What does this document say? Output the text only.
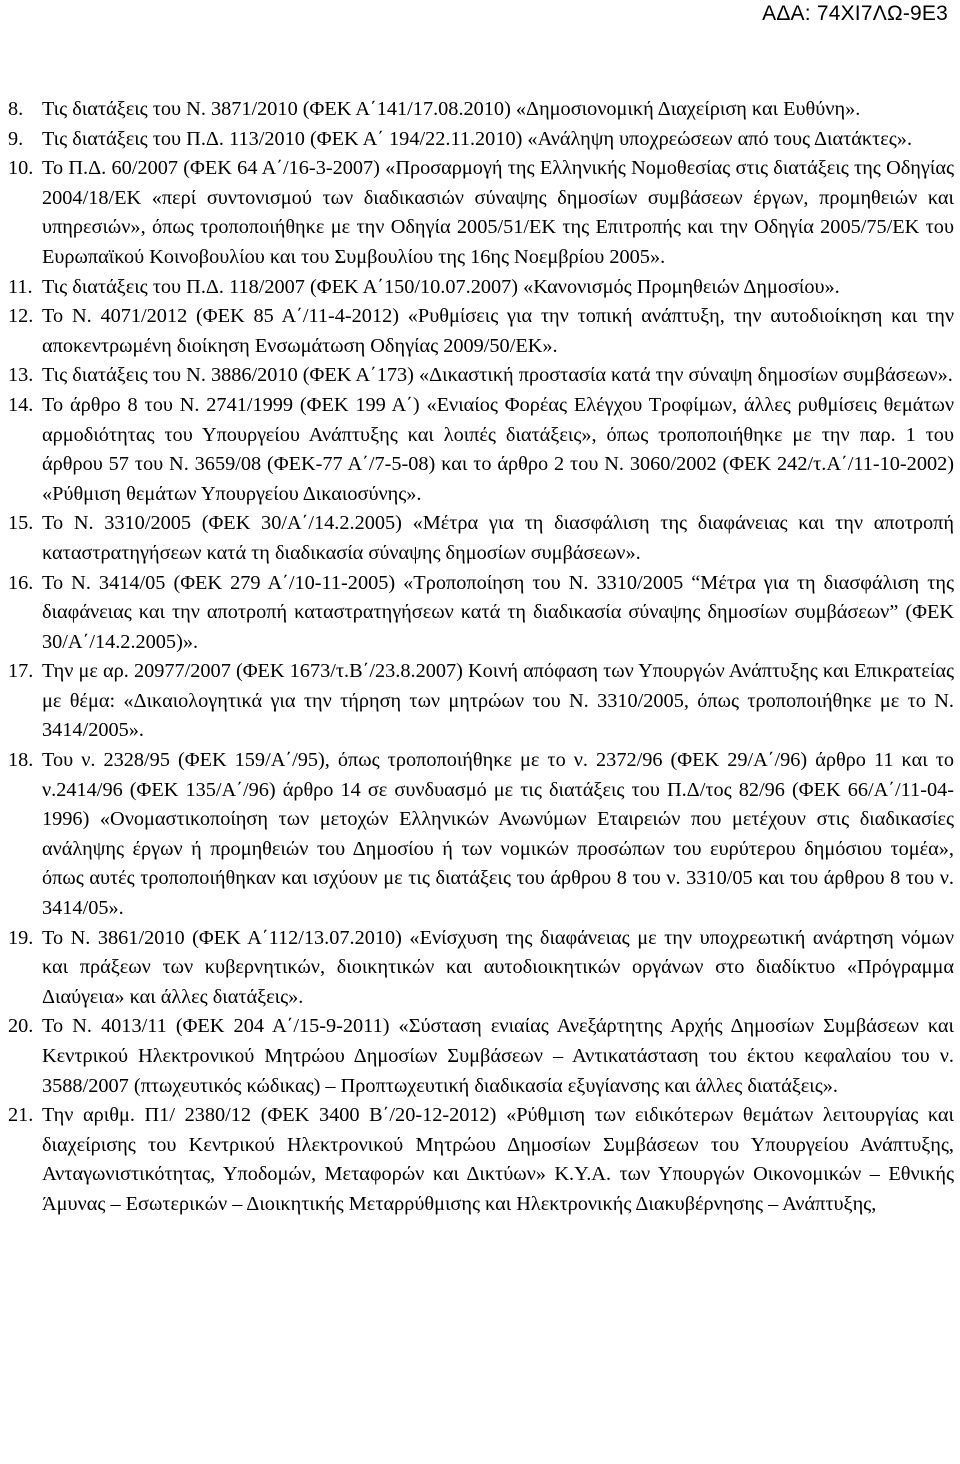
ΑΔΑ: 74ΧΙ7ΛΩ-9Ε3
8. Τις διατάξεις του Ν. 3871/2010 (ΦΕΚ Α΄141/17.08.2010) «Δημοσιονομική Διαχείριση και Ευθύνη».
9. Τις διατάξεις του Π.Δ. 113/2010 (ΦΕΚ Α΄ 194/22.11.2010) «Ανάληψη υποχρεώσεων από τους Διατάκτες».
10. Το Π.Δ. 60/2007 (ΦΕΚ 64 Α΄/16-3-2007) «Προσαρμογή της Ελληνικής Νομοθεσίας στις διατάξεις της Οδηγίας 2004/18/ΕΚ «περί συντονισμού των διαδικασιών σύναψης δημοσίων συμβάσεων έργων, προμηθειών και υπηρεσιών», όπως τροποποιήθηκε με την Οδηγία 2005/51/ΕΚ της Επιτροπής και την Οδηγία 2005/75/ΕΚ του Ευρωπαϊκού Κοινοβουλίου και του Συμβουλίου της 16ης Νοεμβρίου 2005».
11. Τις διατάξεις του Π.Δ. 118/2007 (ΦΕΚ Α΄150/10.07.2007) «Κανονισμός Προμηθειών Δημοσίου».
12. Το Ν. 4071/2012 (ΦΕΚ 85 Α΄/11-4-2012) «Ρυθμίσεις για την τοπική ανάπτυξη, την αυτοδιοίκηση και την αποκεντρωμένη διοίκηση Ενσωμάτωση Οδηγίας 2009/50/ΕΚ».
13. Τις διατάξεις του Ν. 3886/2010 (ΦΕΚ Α΄173) «Δικαστική προστασία κατά την σύναψη δημοσίων συμβάσεων».
14. Το άρθρο 8 του Ν. 2741/1999 (ΦΕΚ 199 Α΄) «Ενιαίος Φορέας Ελέγχου Τροφίμων, άλλες ρυθμίσεις θεμάτων αρμοδιότητας του Υπουργείου Ανάπτυξης και λοιπές διατάξεις», όπως τροποποιήθηκε με την παρ. 1 του άρθρου 57 του Ν. 3659/08 (ΦΕΚ-77 Α΄/7-5-08) και το άρθρο 2 του Ν. 3060/2002 (ΦΕΚ 242/τ.Α΄/11-10-2002) «Ρύθμιση θεμάτων Υπουργείου Δικαιοσύνης».
15. Το Ν. 3310/2005 (ΦΕΚ 30/Α΄/14.2.2005) «Μέτρα για τη διασφάλιση της διαφάνειας και την αποτροπή καταστρατηγήσεων κατά τη διαδικασία σύναψης δημοσίων συμβάσεων».
16. Το Ν. 3414/05 (ΦΕΚ 279 Α΄/10-11-2005) «Τροποποίηση του Ν. 3310/2005 “Μέτρα για τη διασφάλιση της διαφάνειας και την αποτροπή καταστρατηγήσεων κατά τη διαδικασία σύναψης δημοσίων συμβάσεων” (ΦΕΚ 30/Α΄/14.2.2005)».
17. Την με αρ. 20977/2007 (ΦΕΚ 1673/τ.Β΄/23.8.2007) Κοινή απόφαση των Υπουργών Ανάπτυξης και Επικρατείας με θέμα: «Δικαιολογητικά για την τήρηση των μητρώων του Ν. 3310/2005, όπως τροποποιήθηκε με το Ν. 3414/2005».
18. Του ν. 2328/95 (ΦΕΚ 159/Α΄/95), όπως τροποποιήθηκε με το ν. 2372/96 (ΦΕΚ 29/Α΄/96) άρθρο 11 και το ν.2414/96 (ΦΕΚ 135/Α΄/96) άρθρο 14 σε συνδυασμό με τις διατάξεις του Π.Δ/τος 82/96 (ΦΕΚ 66/Α΄/11-04-1996) «Ονομαστικοποίηση των μετοχών Ελληνικών Ανωνύμων Εταιρειών που μετέχουν στις διαδικασίες ανάληψης έργων ή προμηθειών του Δημοσίου ή των νομικών προσώπων του ευρύτερου δημόσιου τομέα», όπως αυτές τροποποιήθηκαν και ισχύουν με τις διατάξεις του άρθρου 8 του ν. 3310/05 και του άρθρου 8 του ν. 3414/05».
19. Το Ν. 3861/2010 (ΦΕΚ Α΄112/13.07.2010) «Ενίσχυση της διαφάνειας με την υποχρεωτική ανάρτηση νόμων και πράξεων των κυβερνητικών, διοικητικών και αυτοδιοικητικών οργάνων στο διαδίκτυο «Πρόγραμμα Διαύγεια» και άλλες διατάξεις».
20. Το Ν. 4013/11 (ΦΕΚ 204 Α΄/15-9-2011) «Σύσταση ενιαίας Ανεξάρτητης Αρχής Δημοσίων Συμβάσεων και Κεντρικού Ηλεκτρονικού Μητρώου Δημοσίων Συμβάσεων – Αντικατάσταση του έκτου κεφαλαίου του ν. 3588/2007 (πτωχευτικός κώδικας) – Προπτωχευτική διαδικασία εξυγίανσης και άλλες διατάξεις».
21. Την αριθμ. Π1/ 2380/12 (ΦΕΚ 3400 Β΄/20-12-2012) «Ρύθμιση των ειδικότερων θεμάτων λειτουργίας και διαχείρισης του Κεντρικού Ηλεκτρονικού Μητρώου Δημοσίων Συμβάσεων του Υπουργείου Ανάπτυξης, Ανταγωνιστικότητας, Υποδομών, Μεταφορών και Δικτύων» Κ.Υ.Α. των Υπουργών Οικονομικών – Εθνικής Άμυνας – Εσωτερικών – Διοικητικής Μεταρρύθμισης και Ηλεκτρονικής Διακυβέρνησης – Ανάπτυξης,
